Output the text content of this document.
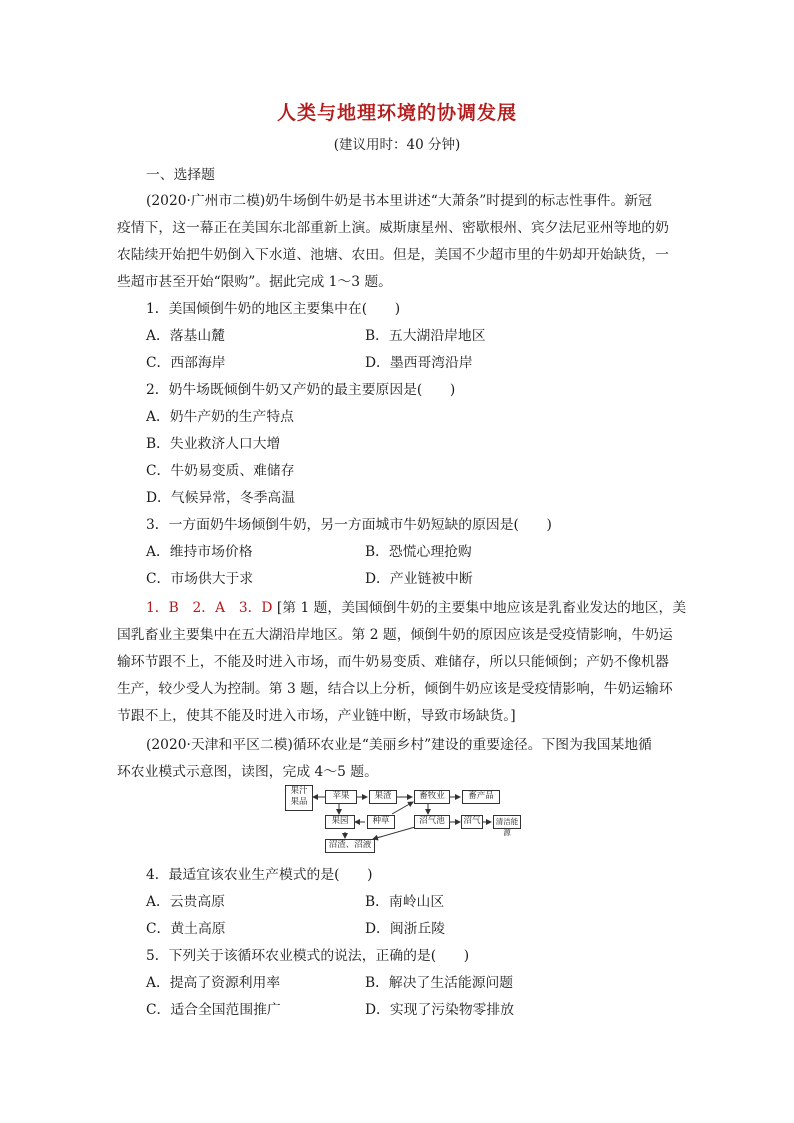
人类与地理环境的协调发展
(建议用时：40 分钟)
一、选择题
(2020·广州市二模)奶牛场倒牛奶是书本里讲述“大萧条”时提到的标志性事件。新冠
疫情下，这一幕正在美国东北部重新上演。威斯康星州、密歇根州、宾夕法尼亚州等地的奶
农陆续开始把牛奶倒入下水道、池塘、农田。但是，美国不少超市里的牛奶却开始缺货，一
些超市甚至开始“限购”。据此完成 1～3 题。
1．美国倾倒牛奶的地区主要集中在(　　)
A．落基山麓	B．五大湖沿岸地区
C．西部海岸	D．墨西哥湾沿岸
2．奶牛场既倾倒牛奶又产奶的最主要原因是(　　)
A．奶牛产奶的生产特点
B．失业救济人口大增
C．牛奶易变质、难储存
D．气候异常，冬季高温
3．一方面奶牛场倾倒牛奶，另一方面城市牛奶短缺的原因是(　　)
A．维持市场价格	B．恐慌心理抢购
C．市场供大于求	D．产业链被中断
1．B　2．A　3．D [第 1 题，美国倾倒牛奶的主要集中地应该是乳畜业发达的地区，美
国乳畜业主要集中在五大湖沿岸地区。第 2 题，倾倒牛奶的原因应该是受疫情影响，牛奶运
输环节跟不上，不能及时进入市场，而牛奶易变质、难储存，所以只能倾倒；产奶不像机器
生产，较少受人为控制。第 3 题，结合以上分析，倾倒牛奶应该是受疫情影响，牛奶运输环
节跟不上，使其不能及时进入市场，产业链中断，导致市场缺货。]
(2020·天津和平区二模)循环农业是“美丽乡村”建设的重要途径。下图为我国某地循
环农业模式示意图，读图，完成 4～5 题。
果汁
果品
苹果	果渣	畜牧业	畜产品
果园	种草	沼气池	沼气	清洁能源
沼渣、沼液
4．最适宜该农业生产模式的是(　　)
A．云贵高原	B．南岭山区
C．黄土高原	D．闽浙丘陵
5．下列关于该循环农业模式的说法，正确的是(　　)
A．提高了资源利用率	B．解决了生活能源问题
C．适合全国范围推广	D．实现了污染物零排放
